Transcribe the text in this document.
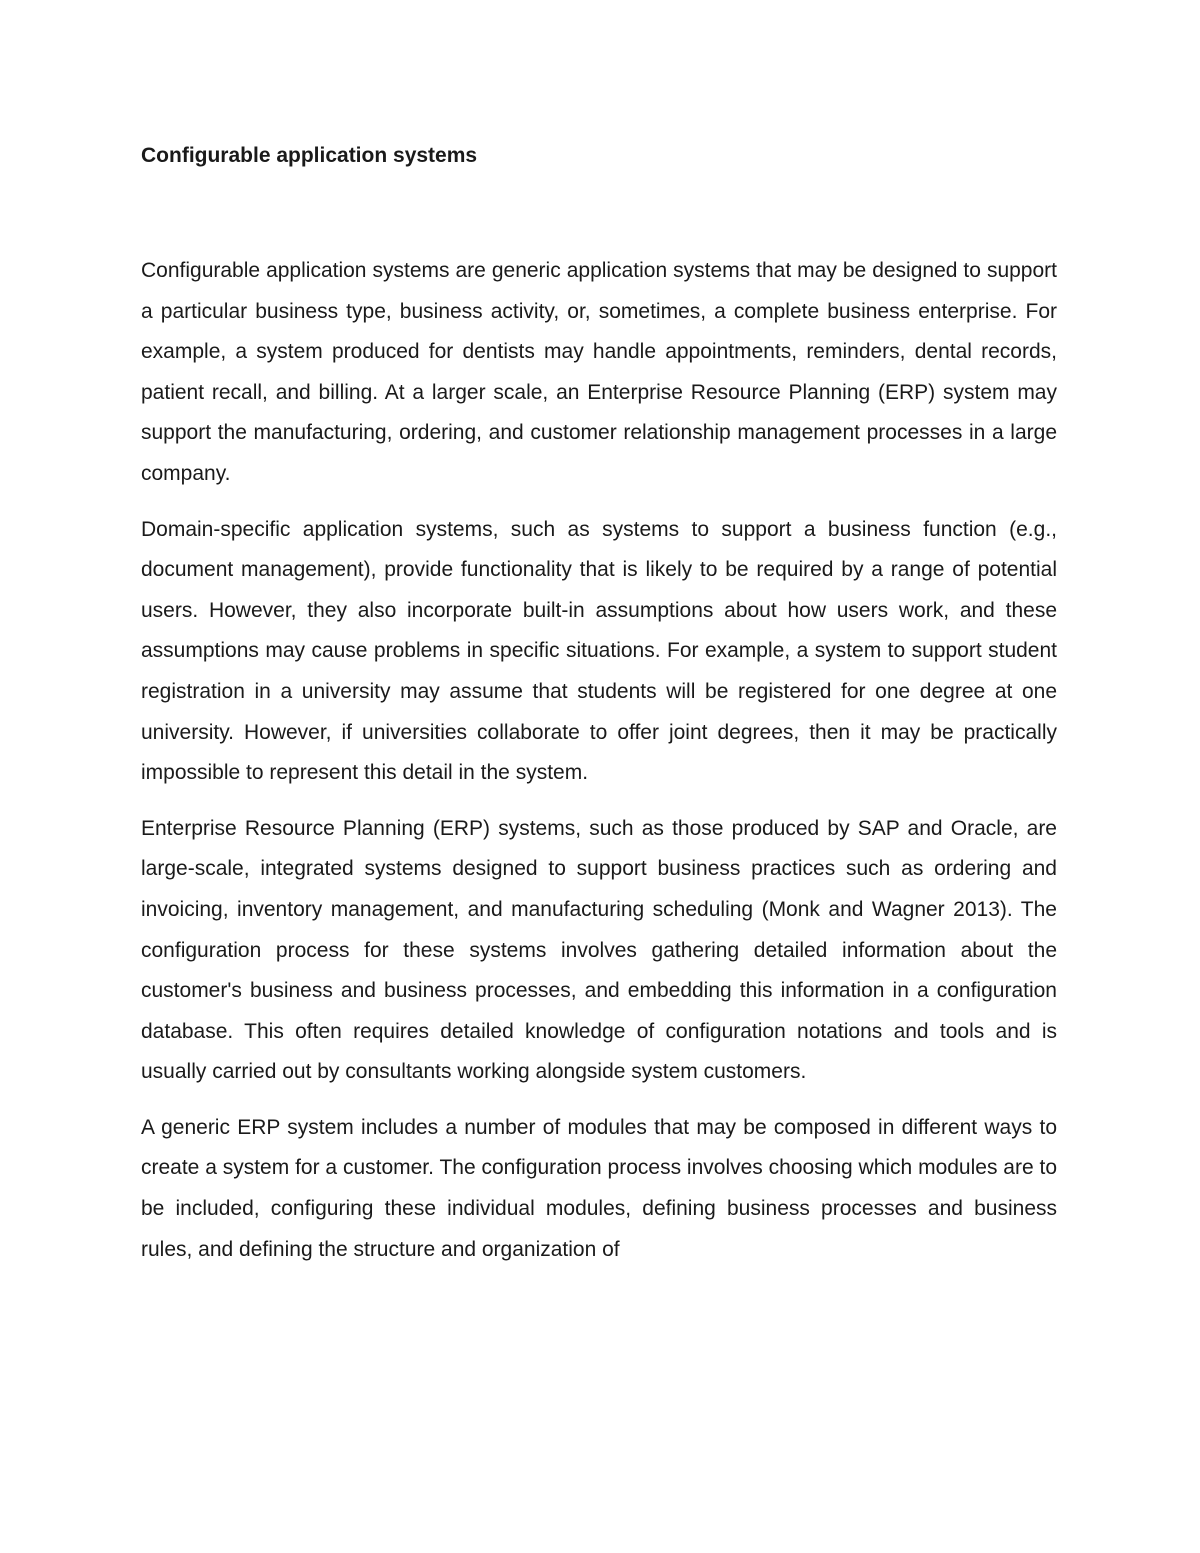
Configurable application systems

Configurable application systems are generic application systems that may be designed to support a particular business type, business activity, or, sometimes, a complete business enterprise. For example, a system produced for dentists may handle appointments, reminders, dental records, patient recall, and billing. At a larger scale, an Enterprise Resource Planning (ERP) system may support the manufacturing, ordering, and customer relationship management processes in a large company.

Domain-specific application systems, such as systems to support a business function (e.g., document management), provide functionality that is likely to be required by a range of potential users. However, they also incorporate built-in assumptions about how users work, and these assumptions may cause problems in specific situations. For example, a system to support student registration in a university may assume that students will be registered for one degree at one university. However, if universities collaborate to offer joint degrees, then it may be practically impossible to represent this detail in the system.

Enterprise Resource Planning (ERP) systems, such as those produced by SAP and Oracle, are large-scale, integrated systems designed to support business practices such as ordering and invoicing, inventory management, and manufacturing scheduling (Monk and Wagner 2013). The configuration process for these systems involves gathering detailed information about the customer's business and business processes, and embedding this information in a configuration database. This often requires detailed knowledge of configuration notations and tools and is usually carried out by consultants working alongside system customers.

A generic ERP system includes a number of modules that may be composed in different ways to create a system for a customer. The configuration process involves choosing which modules are to be included, configuring these individual modules, defining business processes and business rules, and defining the structure and organization of
